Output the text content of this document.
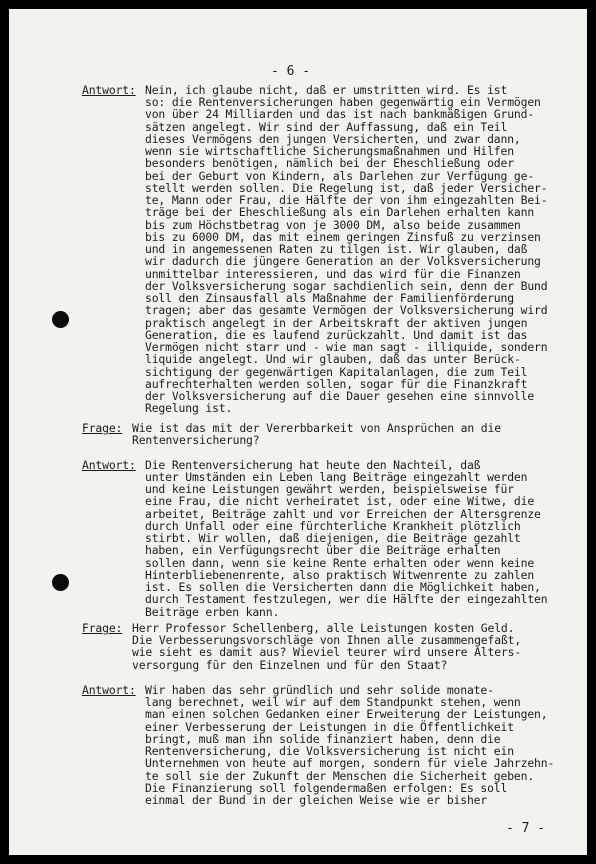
- 6 -
Antwort: Nein, ich glaube nicht, daß er umstritten wird. Es ist
so: die Rentenversicherungen haben gegenwärtig ein Vermögen
von über 24 Milliarden und das ist nach bankmäßigen Grund-
sätzen angelegt. Wir sind der Auffassung, daß ein Teil
dieses Vermögens den jungen Versicherten, und zwar dann,
wenn sie wirtschaftliche Sicherungsmaßnahmen und Hilfen
besonders benötigen, nämlich bei der Eheschließung oder
bei der Geburt von Kindern, als Darlehen zur Verfügung ge-
stellt werden sollen. Die Regelung ist, daß jeder Versicher-
te, Mann oder Frau, die Hälfte der von ihm eingezahlten Bei-
träge bei der Eheschließung als ein Darlehen erhalten kann
bis zum Höchstbetrag von je 3000 DM, also beide zusammen
bis zu 6000 DM, das mit einem geringen Zinsfuß zu verzinsen
und in angemessenen Raten zu tilgen ist. Wir glauben, daß
wir dadurch die jüngere Generation an der Volksversicherung
unmittelbar interessieren, und das wird für die Finanzen
der Volksversicherung sogar sachdienlich sein, denn der Bund
soll den Zinsausfall als Maßnahme der Familienförderung
tragen; aber das gesamte Vermögen der Volksversicherung wird
praktisch angelegt in der Arbeitskraft der aktiven jungen
Generation, die es laufend zurückzahlt. Und damit ist das
Vermögen nicht starr und - wie man sagt - illiquide, sondern
liquide angelegt. Und wir glauben, daß das unter Berück-
sichtigung der gegenwärtigen Kapitalanlagen, die zum Teil
aufrechterhalten werden sollen, sogar für die Finanzkraft
der Volksversicherung auf die Dauer gesehen eine sinnvolle
Regelung ist.
Frage: Wie ist das mit der Vererbbarkeit von Ansprüchen an die
Rentenversicherung?
Antwort: Die Rentenversicherung hat heute den Nachteil, daß
unter Umständen ein Leben lang Beiträge eingezahlt werden
und keine Leistungen gewährt werden, beispielsweise für
eine Frau, die nicht verheiratet ist, oder eine Witwe, die
arbeitet, Beiträge zahlt und vor Erreichen der Altersgrenze
durch Unfall oder eine fürchterliche Krankheit plötzlich
stirbt. Wir wollen, daß diejenigen, die Beiträge gezahlt
haben, ein Verfügungsrecht über die Beiträge erhalten
sollen dann, wenn sie keine Rente erhalten oder wenn keine
Hinterbliebenenrente, also praktisch Witwenrente zu zahlen
ist. Es sollen die Versicherten dann die Möglichkeit haben,
durch Testament festzulegen, wer die Hälfte der eingezahlten
Beiträge erben kann.
Frage: Herr Professor Schellenberg, alle Leistungen kosten Geld.
Die Verbesserungsvorschläge von Ihnen alle zusammengefaßt,
wie sieht es damit aus? Wieviel teurer wird unsere Alters-
versorgung für den Einzelnen und für den Staat?
Antwort: Wir haben das sehr gründlich und sehr solide monate-
lang berechnet, weil wir auf dem Standpunkt stehen, wenn
man einen solchen Gedanken einer Erweiterung der Leistungen,
einer Verbesserung der Leistungen in die Öffentlichkeit
bringt, muß man ihn solide finanziert haben, denn die
Rentenversicherung, die Volksversicherung ist nicht ein
Unternehmen von heute auf morgen, sondern für viele Jahrzehn-
te soll sie der Zukunft der Menschen die Sicherheit geben.
Die Finanzierung soll folgendermaßen erfolgen: Es soll
einmal der Bund in der gleichen Weise wie er bisher
- 7 -
